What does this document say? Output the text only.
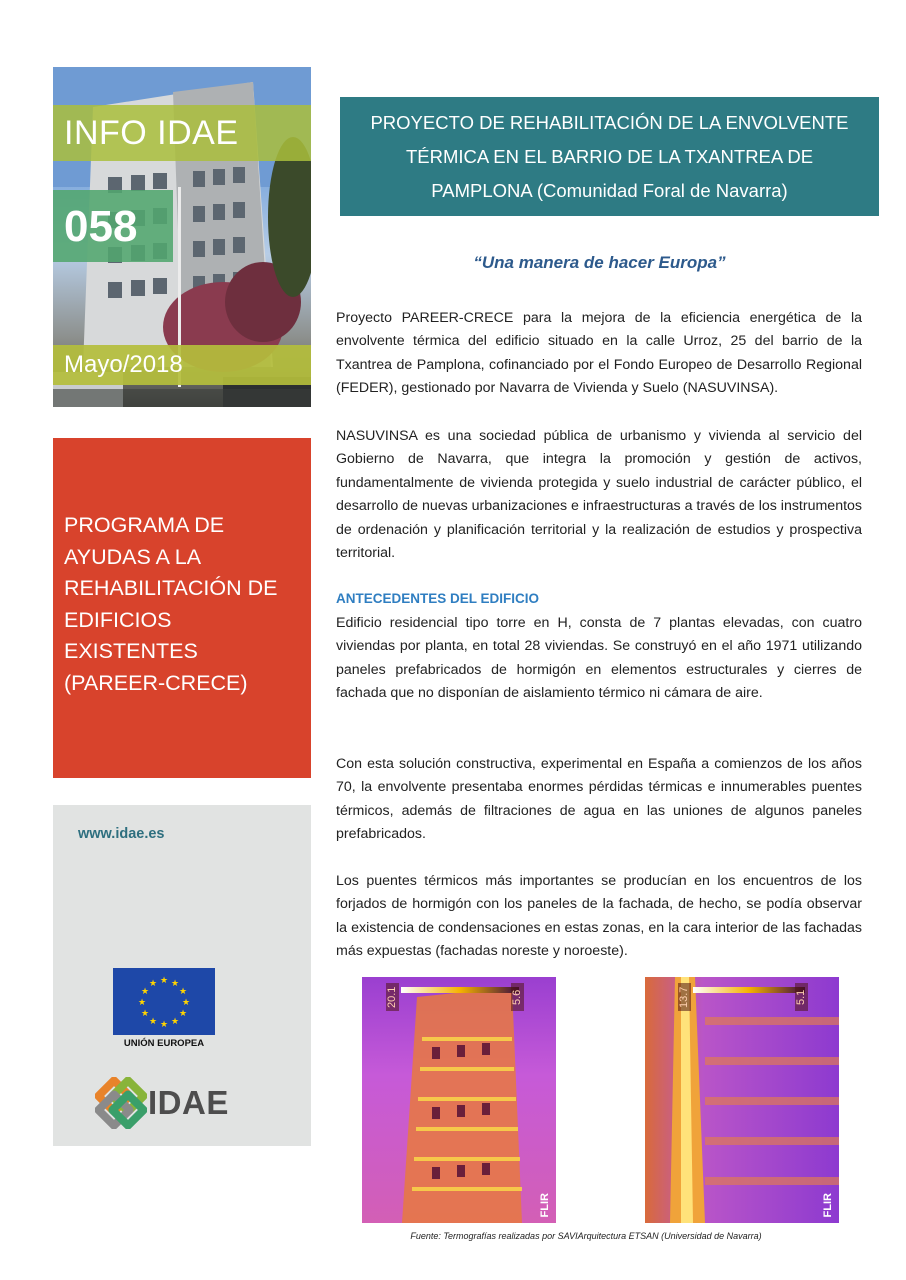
INFO IDAE
058
Mayo/2018
PROGRAMA DE
AYUDAS A LA
REHABILITACIÓN DE
EDIFICIOS EXISTENTES
(PAREER-CRECE)
www.idae.es
★ ★
★
★
★
★
★
★
★
★
★
★
UNIÓN EUROPEA
IDAE
PROYECTO DE REHABILITACIÓN DE LA ENVOLVENTE
TÉRMICA EN EL BARRIO DE LA TXANTREA DE
PAMPLONA (Comunidad Foral de Navarra)
“Una manera de hacer Europa”
Proyecto PAREER-CRECE para la mejora de la eficiencia energética de la envolvente térmica del edificio situado en la calle Urroz, 25 del barrio de la Txantrea de Pamplona, cofinanciado por el Fondo Europeo de Desarrollo Regional (FEDER), gestionado por Navarra de Vivienda y Suelo (NASUVINSA).
NASUVINSA es una sociedad pública de urbanismo y vivienda al servicio del Gobierno de Navarra, que integra la promoción y gestión de activos, fundamentalmente de vivienda protegida y suelo industrial de carácter público, el desarrollo de nuevas urbanizaciones e infraestructuras a través de los instrumentos de ordenación y planificación territorial y la realización de estudios y prospectiva territorial.
ANTECEDENTES DEL EDIFICIO
Edificio residencial tipo torre en H, consta de 7 plantas elevadas, con cuatro viviendas por planta, en total 28 viviendas. Se construyó en el año 1971 utilizando paneles prefabricados de hormigón en elementos estructurales y cierres de fachada que no disponían de aislamiento térmico ni cámara de aire.
Con esta solución constructiva, experimental en España a comienzos de los años 70, la envolvente presentaba enormes pérdidas térmicas e innumerables puentes térmicos, además de filtraciones de agua en las uniones de algunos paneles prefabricados.
Los puentes térmicos más importantes se producían en los encuentros de los forjados de hormigón con los paneles de la fachada, de hecho, se podía observar la existencia de condensaciones en estas zonas, en la cara interior de las fachadas más expuestas (fachadas noreste y noroeste).
20.1	5.6
FLIR
13.7	5.1
FLIR
Fuente: Termografías realizadas por SAVIArquitectura ETSAN (Universidad de Navarra)
